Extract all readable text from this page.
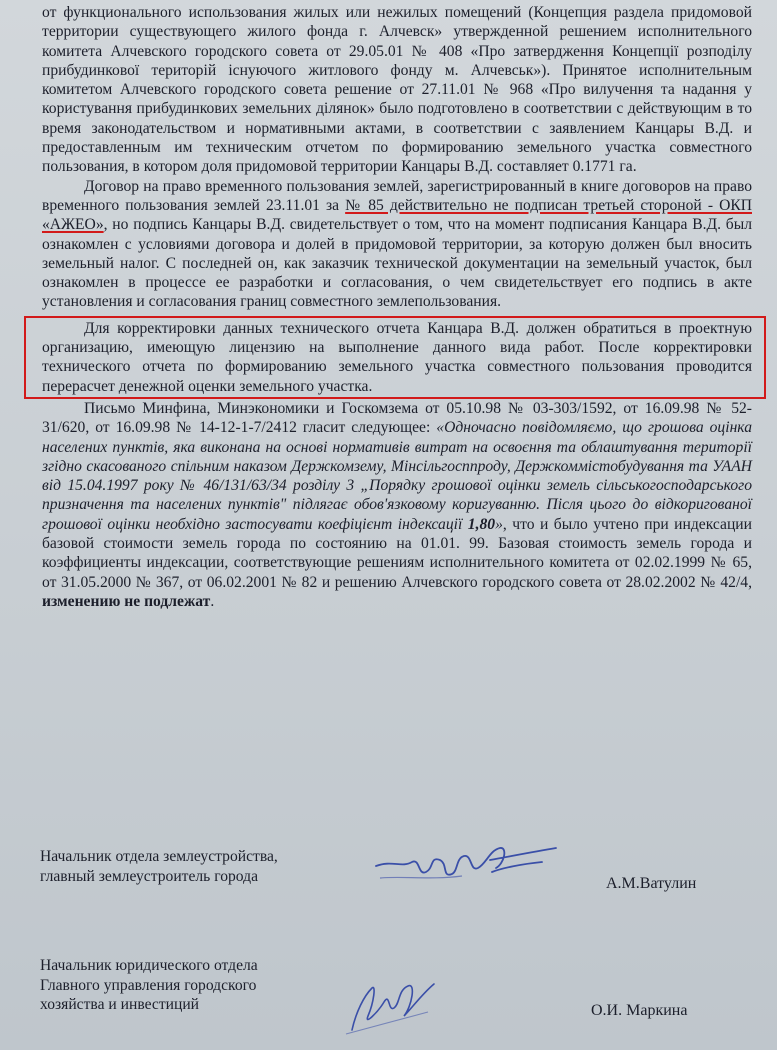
от функционального использования жилых или нежилых помещений (Концепция раздела придомовой территории существующего жилого фонда г. Алчевск» утвержденной решением исполнительного комитета Алчевского городского совета от 29.05.01 № 408 «Про затвердження Концепції розподілу прибудинкової територій існуючого житлового фонду м. Алчевськ»). Принятое исполнительным комитетом Алчевского городского совета решение от 27.11.01 № 968 «Про вилучення та надання у користування прибудинкових земельних ділянок» было подготовлено в соответствии с действующим в то время законодательством и нормативными актами, в соответствии с заявлением Канцары В.Д. и предоставленным им техническим отчетом по формированию земельного участка совместного пользования, в котором доля придомовой территории Канцары В.Д. составляет 0.1771 га.

Договор на право временного пользования землей, зарегистрированный в книге договоров на право временного пользования землей 23.11.01 за № 85 действительно не подписан третьей стороной - ОКП «АЖЕО», но подпись Канцары В.Д. свидетельствует о том, что на момент подписания Канцара В.Д. был ознакомлен с условиями договора и долей в придомовой территории, за которую должен был вносить земельный налог. С последней он, как заказчик технической документации на земельный участок, был ознакомлен в процессе ее разработки и согласования, о чем свидетельствует его подпись в акте установления и согласования границ совместного землепользования.

Для корректировки данных технического отчета Канцара В.Д. должен обратиться в проектную организацию, имеющую лицензию на выполнение данного вида работ. После корректировки технического отчета по формированию земельного участка совместного пользования проводится перерасчет денежной оценки земельного участка.

Письмо Минфина, Минэкономики и Госкомзема от 05.10.98 № 03-303/1592, от 16.09.98 № 52-31/620, от 16.09.98 № 14-12-1-7/2412 гласит следующее: «Одночасно повідомляємо, що грошова оцінка населених пунктів, яка виконана на основі нормативів витрат на освоєння та облаштування території згідно скасованого спільним наказом Держкомзему, Мінсільгосппроду, Держкоммістобудування та УААН від 15.04.1997 року № 46/131/63/34 розділу 3 „Порядку грошової оцінки земель сільськогосподарського призначення та населених пунктів" підлягає обов'язковому коригуванню. Після цього до відкоригованої грошової оцінки необхідно застосувати коефіцієнт індексації 1,80», что и было учтено при индексации базовой стоимости земель города по состоянию на 01.01. 99. Базовая стоимость земель города и коэффициенты индексации, соответствующие решениям исполнительного комитета от 02.02.1999 № 65, от 31.05.2000 № 367, от 06.02.2001 № 82 и решению Алчевского городского совета от 28.02.2002 № 42/4, изменению не подлежат.

Начальник отдела землеустройства,
главный землеустроитель города	А.М.Ватулин
Начальник юридического отдела
Главного управления городского
хозяйства и инвестиций	О.И. Маркина
